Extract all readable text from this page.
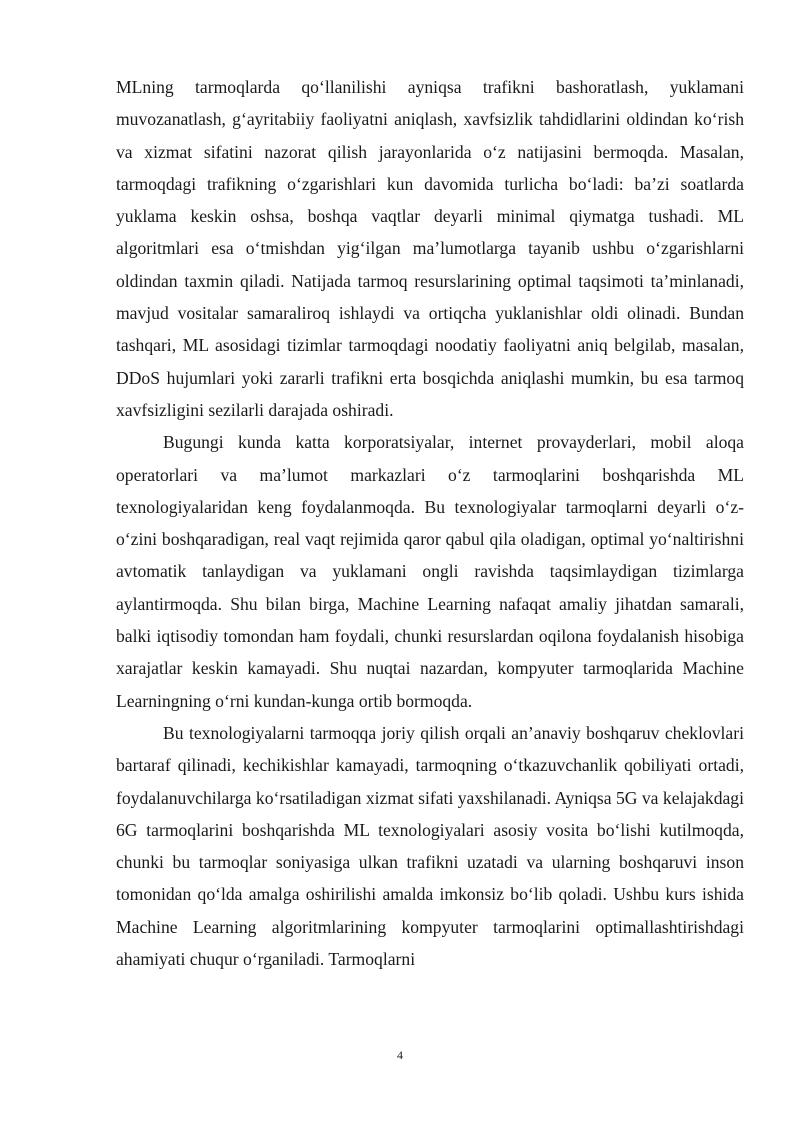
MLning tarmoqlarda qo‘llanilishi ayniqsa trafikni bashoratlash, yuklamani muvozanatlash, g‘ayritabiiy faoliyatni aniqlash, xavfsizlik tahdidlarini oldindan ko‘rish va xizmat sifatini nazorat qilish jarayonlarida o‘z natijasini bermoqda. Masalan, tarmoqdagi trafikning o‘zgarishlari kun davomida turlicha bo‘ladi: ba’zi soatlarda yuklama keskin oshsa, boshqa vaqtlar deyarli minimal qiymatga tushadi. ML algoritmlari esa o‘tmishdan yig‘ilgan ma’lumotlarga tayanib ushbu o‘zgarishlarni oldindan taxmin qiladi. Natijada tarmoq resurslarining optimal taqsimoti ta’minlanadi, mavjud vositalar samaraliroq ishlaydi va ortiqcha yuklanishlar oldi olinadi. Bundan tashqari, ML asosidagi tizimlar tarmoqdagi noodatiy faoliyatni aniq belgilab, masalan, DDoS hujumlari yoki zararli trafikni erta bosqichda aniqlashi mumkin, bu esa tarmoq xavfsizligini sezilarli darajada oshiradi.

Bugungi kunda katta korporatsiyalar, internet provayderlari, mobil aloqa operatorlari va ma’lumot markazlari o‘z tarmoqlarini boshqarishda ML texnologiyalaridan keng foydalanmoqda. Bu texnologiyalar tarmoqlarni deyarli o‘z-o‘zini boshqaradigan, real vaqt rejimida qaror qabul qila oladigan, optimal yo‘naltirishni avtomatik tanlaydigan va yuklamani ongli ravishda taqsimlaydigan tizimlarga aylantirmoqda. Shu bilan birga, Machine Learning nafaqat amaliy jihatdan samarali, balki iqtisodiy tomondan ham foydali, chunki resurslardan oqilona foydalanish hisobiga xarajatlar keskin kamayadi. Shu nuqtai nazardan, kompyuter tarmoqlarida Machine Learningning o‘rni kundan-kunga ortib bormoqda.

Bu texnologiyalarni tarmoqqa joriy qilish orqali an’anaviy boshqaruv cheklovlari bartaraf qilinadi, kechikishlar kamayadi, tarmoqning o‘tkazuvchanlik qobiliyati ortadi, foydalanuvchilarga ko‘rsatiladigan xizmat sifati yaxshilanadi. Ayniqsa 5G va kelajakdagi 6G tarmoqlarini boshqarishda ML texnologiyalari asosiy vosita bo‘lishi kutilmoqda, chunki bu tarmoqlar soniyasiga ulkan trafikni uzatadi va ularning boshqaruvi inson tomonidan qo‘lda amalga oshirilishi amalda imkonsiz bo‘lib qoladi. Ushbu kurs ishida Machine Learning algoritmlarining kompyuter tarmoqlarini optimallashtirishdagi ahamiyati chuqur o‘rganiladi. Tarmoqlarni

4
